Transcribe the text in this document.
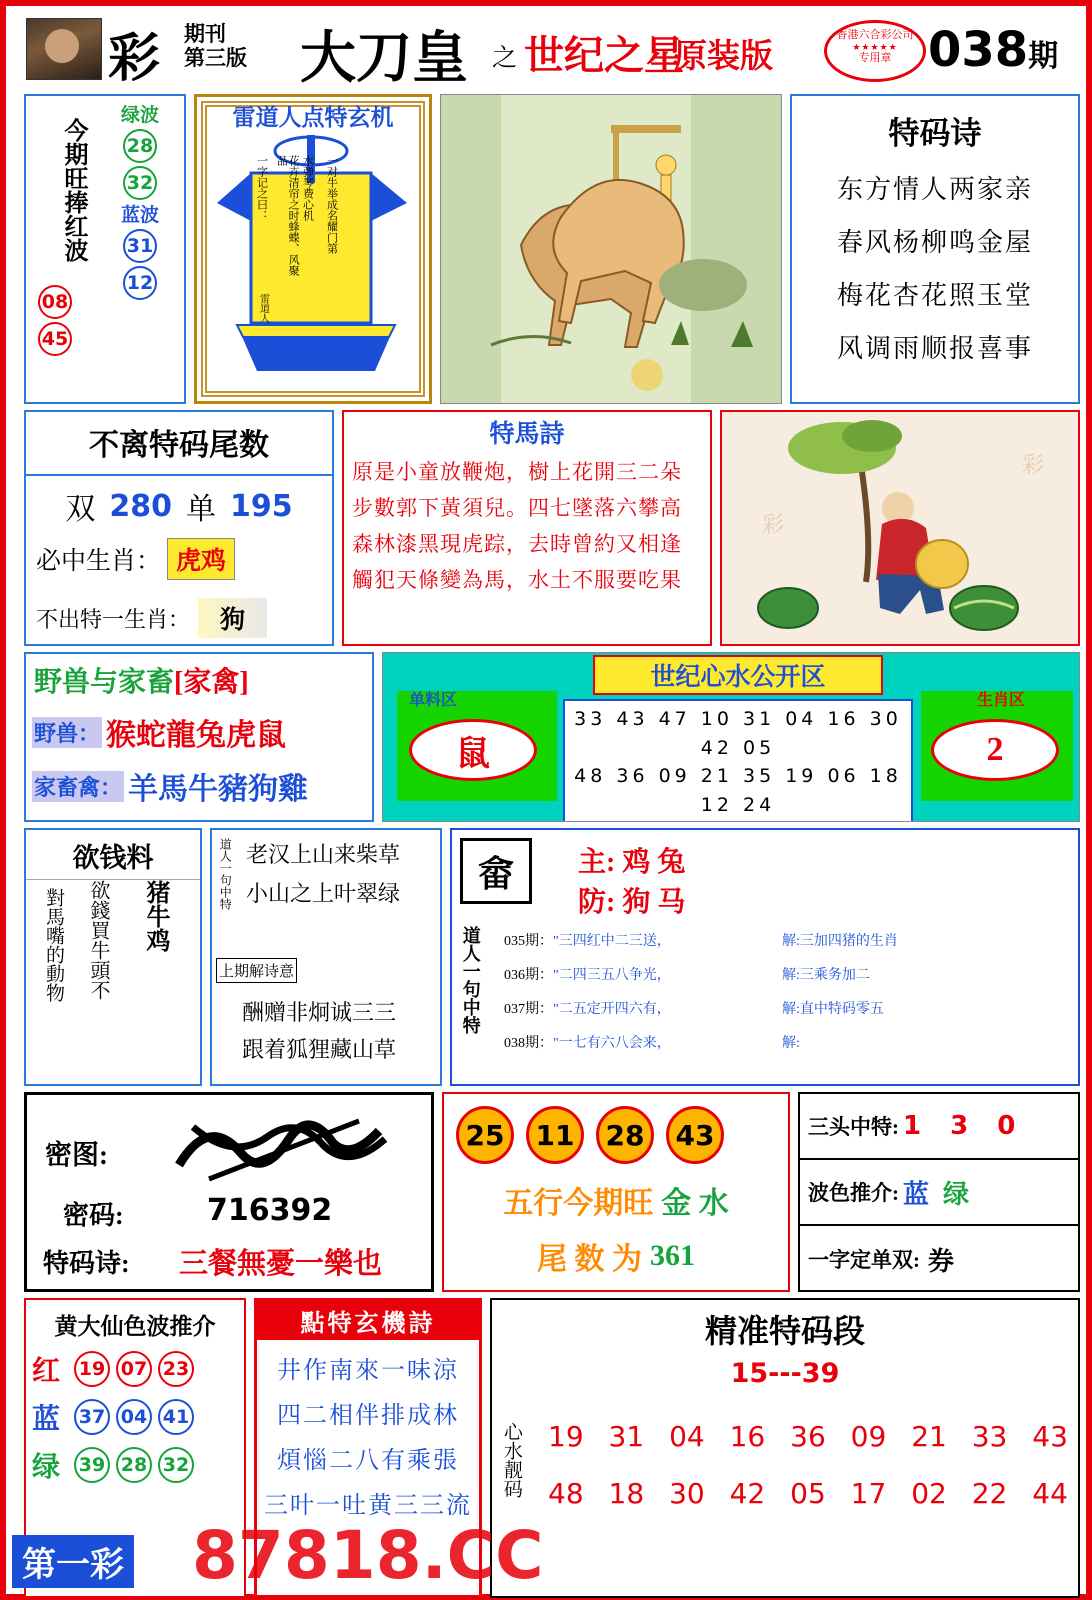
彩 期刊
第三版 大刀皇 之 世纪之星
原装版
香港六合彩公司
★★★★★
专用章 038期
今期旺捧红波
绿波
28
32
蓝波
31
12
08
45
雷道人点特玄机
一字记之曰：	花卉清帘之时蜂蝶、风聚品	水弹琴费心机 一对牛举成名耀门第
雷道人
特码诗
东方情人两家亲
春风杨柳鸣金屋
梅花杏花照玉堂
风调雨顺报喜事
不离特码尾数
双 280 单 195
必中生肖： 虎鸡
不出特一生肖：	狗
特馬詩
原是小童放鞭炮，樹上花開三二朵
步數郭下黃須兒。四七墜落六攀高
森林漆黑現虎踪，去時曾約又相逢
觸犯天條變為馬，水土不服要吃果
彩
彩
野兽与家畜[家禽]
野兽： 猴蛇龍兔虎鼠
家畜禽： 羊馬牛豬狗雞
世纪心水公开区
单料区	生肖区
鼠	2
33 43 47 10 31 04 16 30 42 05
48 36 09 21 35 19 06 18 12 24
欲钱料
對馬嘴的動物 欲錢買牛頭不 猪牛鸡
道人一句中特 老汉上山来柴草
小山之上叶翠绿
上期解诗意
酬赠非炯诚三三
跟着狐狸藏山草
畲	主: 鸡 兔
防: 狗 马
道人一句中特 035期："三四红中二三送，	解:三加四猪的生肖
036期："二四三五八争光，	解:三乘务加二
037期："二五定开四六有，	解:直中特码零五
038期："一七有六八会来，	解:
密图:
密码:	716392
特码诗: 三餐無憂一樂也
25	11	28	43
五行今期旺 金 水
尾 数 为 361
三头中特: 1 3 0
波色推介: 蓝 绿
一字定单双: 券
黄大仙色波推介
红 19 07 23
蓝 37 04 41
绿 39 28 32
點特玄機詩
井作南來一味涼
四二相伴排成林
煩惱二八有乘張
三叶一吐黄三三流
精准特码段
15---39
心水靓码 19 31 04 16 36 09 21 33 43
48 18 30 42 05 17 02 22 44
第一彩 87818.CC
